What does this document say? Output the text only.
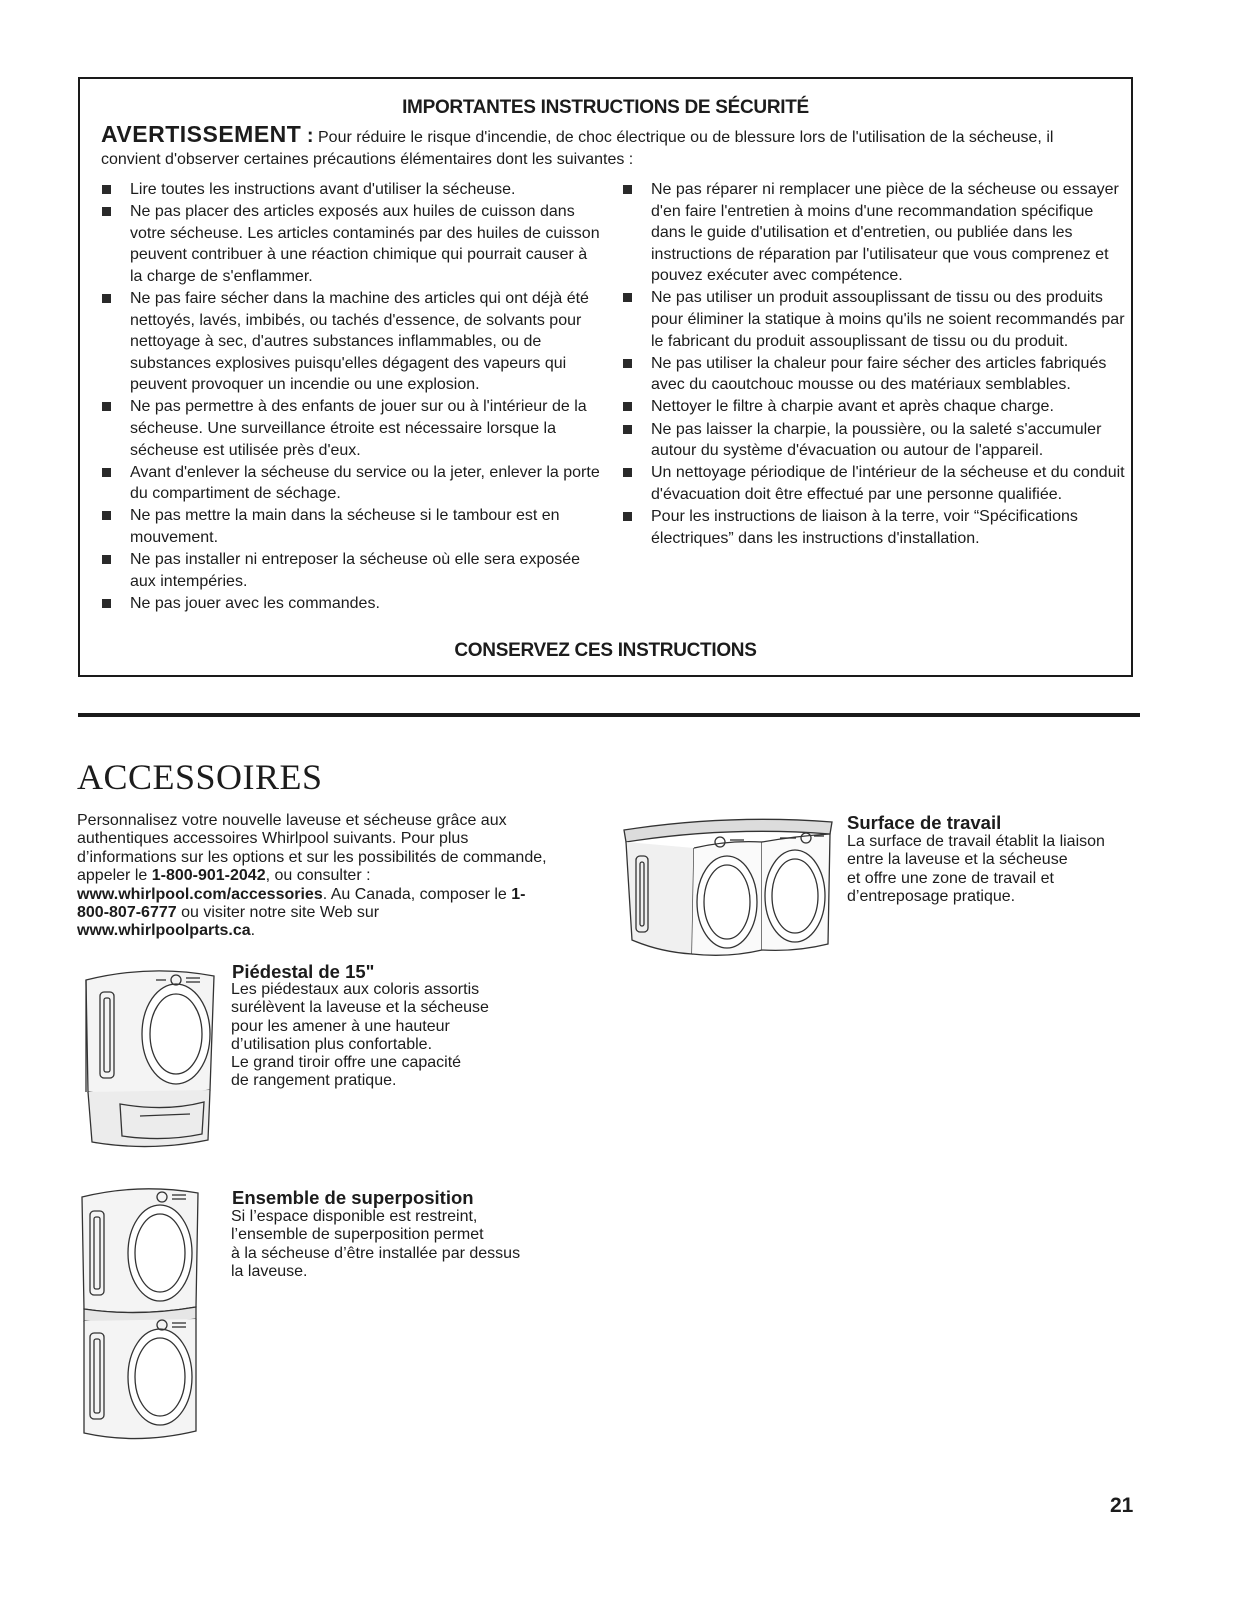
IMPORTANTES INSTRUCTIONS DE SÉCURITÉ
AVERTISSEMENT : Pour réduire le risque d'incendie, de choc électrique ou de blessure lors de l'utilisation de la sécheuse, il convient d'observer certaines précautions élémentaires dont les suivantes :
Lire toutes les instructions avant d'utiliser la sécheuse.
Ne pas placer des articles exposés aux huiles de cuisson dans votre sécheuse. Les articles contaminés par des huiles de cuisson peuvent contribuer à une réaction chimique qui pourrait causer à la charge de s'enflammer.
Ne pas faire sécher dans la machine des articles qui ont déjà été nettoyés, lavés, imbibés, ou tachés d'essence, de solvants pour nettoyage à sec, d'autres substances inflammables, ou de substances explosives puisqu'elles dégagent des vapeurs qui peuvent provoquer un incendie ou une explosion.
Ne pas permettre à des enfants de jouer sur ou à l'intérieur de la sécheuse. Une surveillance étroite est nécessaire lorsque la sécheuse est utilisée près d'eux.
Avant d'enlever la sécheuse du service ou la jeter, enlever la porte du compartiment de séchage.
Ne pas mettre la main dans la sécheuse si le tambour est en mouvement.
Ne pas installer ni entreposer la sécheuse où elle sera exposée aux intempéries.
Ne pas jouer avec les commandes.
Ne pas réparer ni remplacer une pièce de la sécheuse ou essayer d'en faire l'entretien à moins d'une recommandation spécifique dans le guide d'utilisation et d'entretien, ou publiée dans les instructions de réparation par l'utilisateur que vous comprenez et pouvez exécuter avec compétence.
Ne pas utiliser un produit assouplissant de tissu ou des produits pour éliminer la statique à moins qu'ils ne soient recommandés par le fabricant du produit assouplissant de tissu ou du produit.
Ne pas utiliser la chaleur pour faire sécher des articles fabriqués avec du caoutchouc mousse ou des matériaux semblables.
Nettoyer le filtre à charpie avant et après chaque charge.
Ne pas laisser la charpie, la poussière, ou la saleté s'accumuler autour du système d'évacuation ou autour de l'appareil.
Un nettoyage périodique de l'intérieur de la sécheuse et du conduit d'évacuation doit être effectué par une personne qualifiée.
Pour les instructions de liaison à la terre, voir “Spécifications électriques” dans les instructions d'installation.
CONSERVEZ CES INSTRUCTIONS
ACCESSOIRES
Personnalisez votre nouvelle laveuse et sécheuse grâce aux authentiques accessoires Whirlpool suivants. Pour plus d’informations sur les options et sur les possibilités de commande, appeler le 1-800-901-2042, ou consulter : www.whirlpool.com/accessories. Au Canada, composer le 1-800-807-6777 ou visiter notre site Web sur www.whirlpoolparts.ca.
Piédestal de 15"
Les piédestaux aux coloris assortis
surélèvent la laveuse et la sécheuse
pour les amener à une hauteur
d’utilisation plus confortable.
Le grand tiroir offre une capacité
de rangement pratique.
Ensemble de superposition
Si l’espace disponible est restreint,
l’ensemble de superposition permet
à la sécheuse d’être installée par dessus
la laveuse.
Surface de travail
La surface de travail établit la liaison
entre la laveuse et la sécheuse
et offre une zone de travail et
d’entreposage pratique.
21
